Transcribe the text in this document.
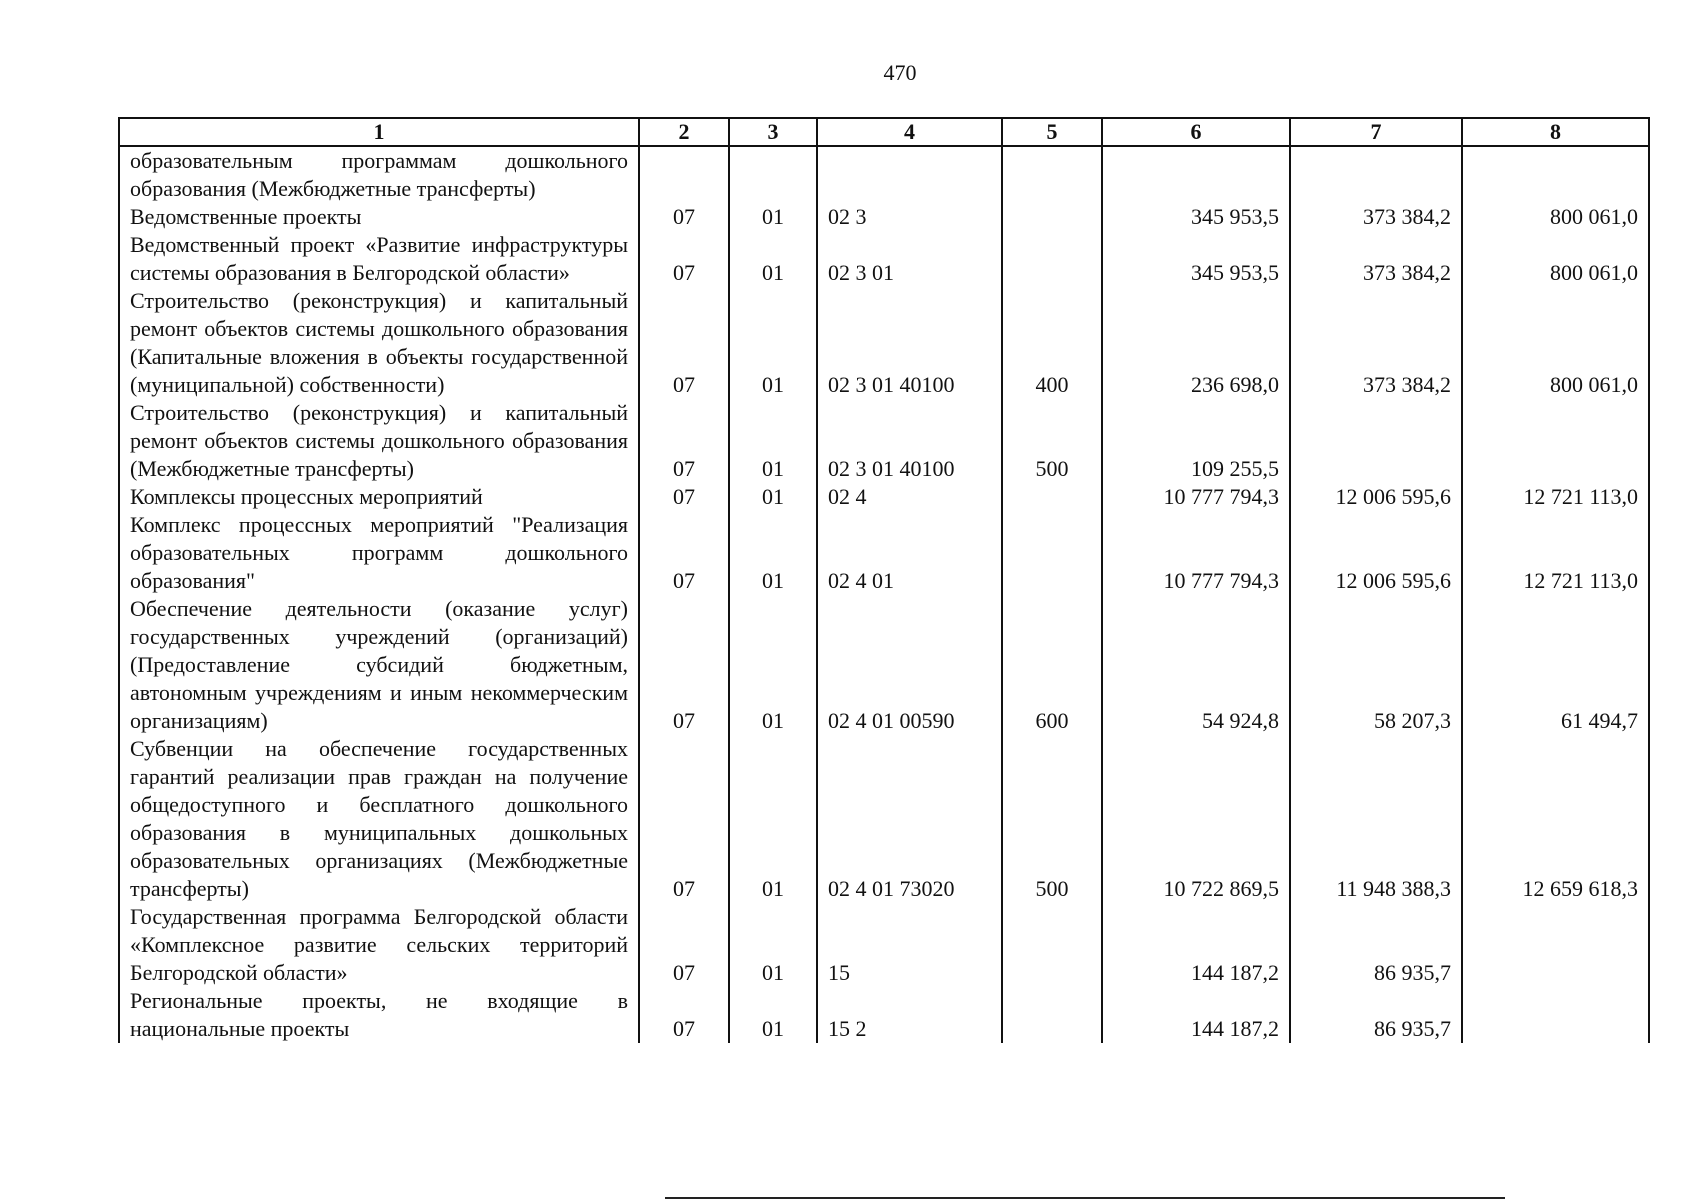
470
1	2	3	4	5	6	7	8
образовательным программам дошкольного образования (Межбюджетные трансферты)							
Ведомственные проекты	07	01	02 3		345 953,5	373 384,2	800 061,0
Ведомственный проект «Развитие инфраструктуры системы образования в Белгородской области»	07	01	02 3 01		345 953,5	373 384,2	800 061,0
Строительство (реконструкция) и капитальный ремонт объектов системы дошкольного образования (Капитальные вложения в объекты государственной (муниципальной) собственности)	07	01	02 3 01 40100	400	236 698,0	373 384,2	800 061,0
Строительство (реконструкция) и капитальный ремонт объектов системы дошкольного образования (Межбюджетные трансферты)	07	01	02 3 01 40100	500	109 255,5		
Комплексы процессных мероприятий	07	01	02 4		10 777 794,3	12 006 595,6	12 721 113,0
Комплекс процессных мероприятий "Реализация образовательных программ дошкольного образования"	07	01	02 4 01		10 777 794,3	12 006 595,6	12 721 113,0
Обеспечение деятельности (оказание услуг) государственных учреждений (организаций) (Предоставление субсидий бюджетным, автономным учреждениям и иным некоммерческим организациям)	07	01	02 4 01 00590	600	54 924,8	58 207,3	61 494,7
Субвенции на обеспечение государственных гарантий реализации прав граждан на получение общедоступного и бесплатного дошкольного образования в муниципальных дошкольных образовательных организациях (Межбюджетные трансферты)	07	01	02 4 01 73020	500	10 722 869,5	11 948 388,3	12 659 618,3
Государственная программа Белгородской области «Комплексное развитие сельских территорий Белгородской области»	07	01	15		144 187,2	86 935,7	
Региональные проекты, не входящие в национальные проекты	07	01	15 2		144 187,2	86 935,7	
